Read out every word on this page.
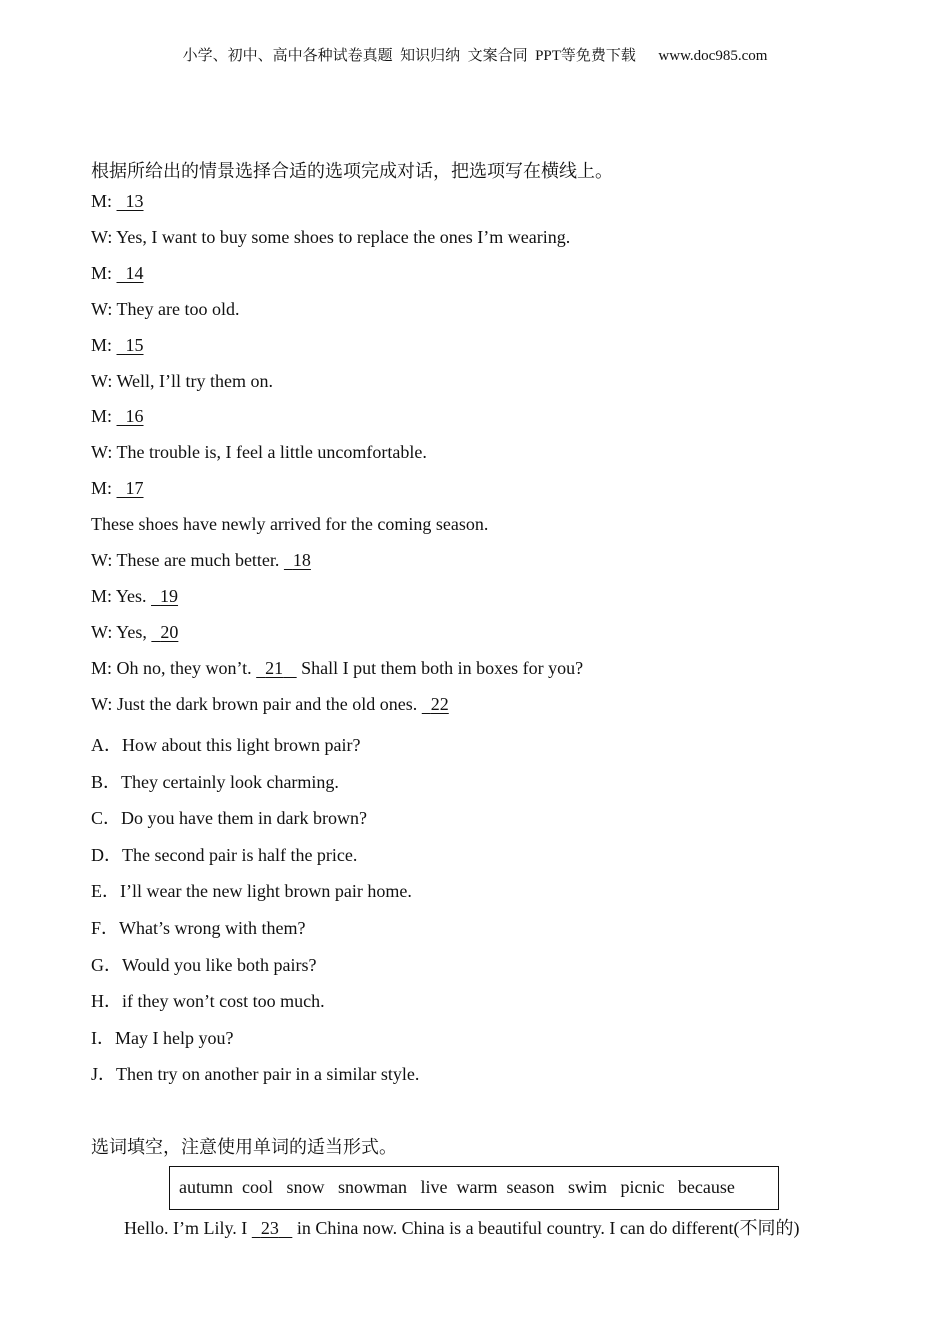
小学、初中、高中各种试卷真题  知识归纳  文案合同  PPT等免费下载      www.doc985.com
根据所给出的情景选择合适的选项完成对话，把选项写在横线上。
M:   13
W: Yes, I want to buy some shoes to replace the ones I’m wearing.
M:   14
W: They are too old.
M:   15
W: Well, I’ll try them on.
M:   16
W: The trouble is, I feel a little uncomfortable.
M:   17
These shoes have newly arrived for the coming season.
W: These are much better.   18
M: Yes.   19
W: Yes,   20
M: Oh no, they won’t.   21    Shall I put them both in boxes for you?
W: Just the dark brown pair and the old ones.   22
A．How about this light brown pair?
B．They certainly look charming.
C．Do you have them in dark brown?
D．The second pair is half the price.
E．I’ll wear the new light brown pair home.
F．What’s wrong with them?
G．Would you like both pairs?
H．if they won’t cost too much.
I．May I help you?
J．Then try on another pair in a similar style.
选词填空，注意使用单词的适当形式。
autumn  cool   snow   snowman   live  warm  season   swim   picnic   because
Hello. I’m Lily. I   23    in China now. China is a beautiful country. I can do different(不同的)
